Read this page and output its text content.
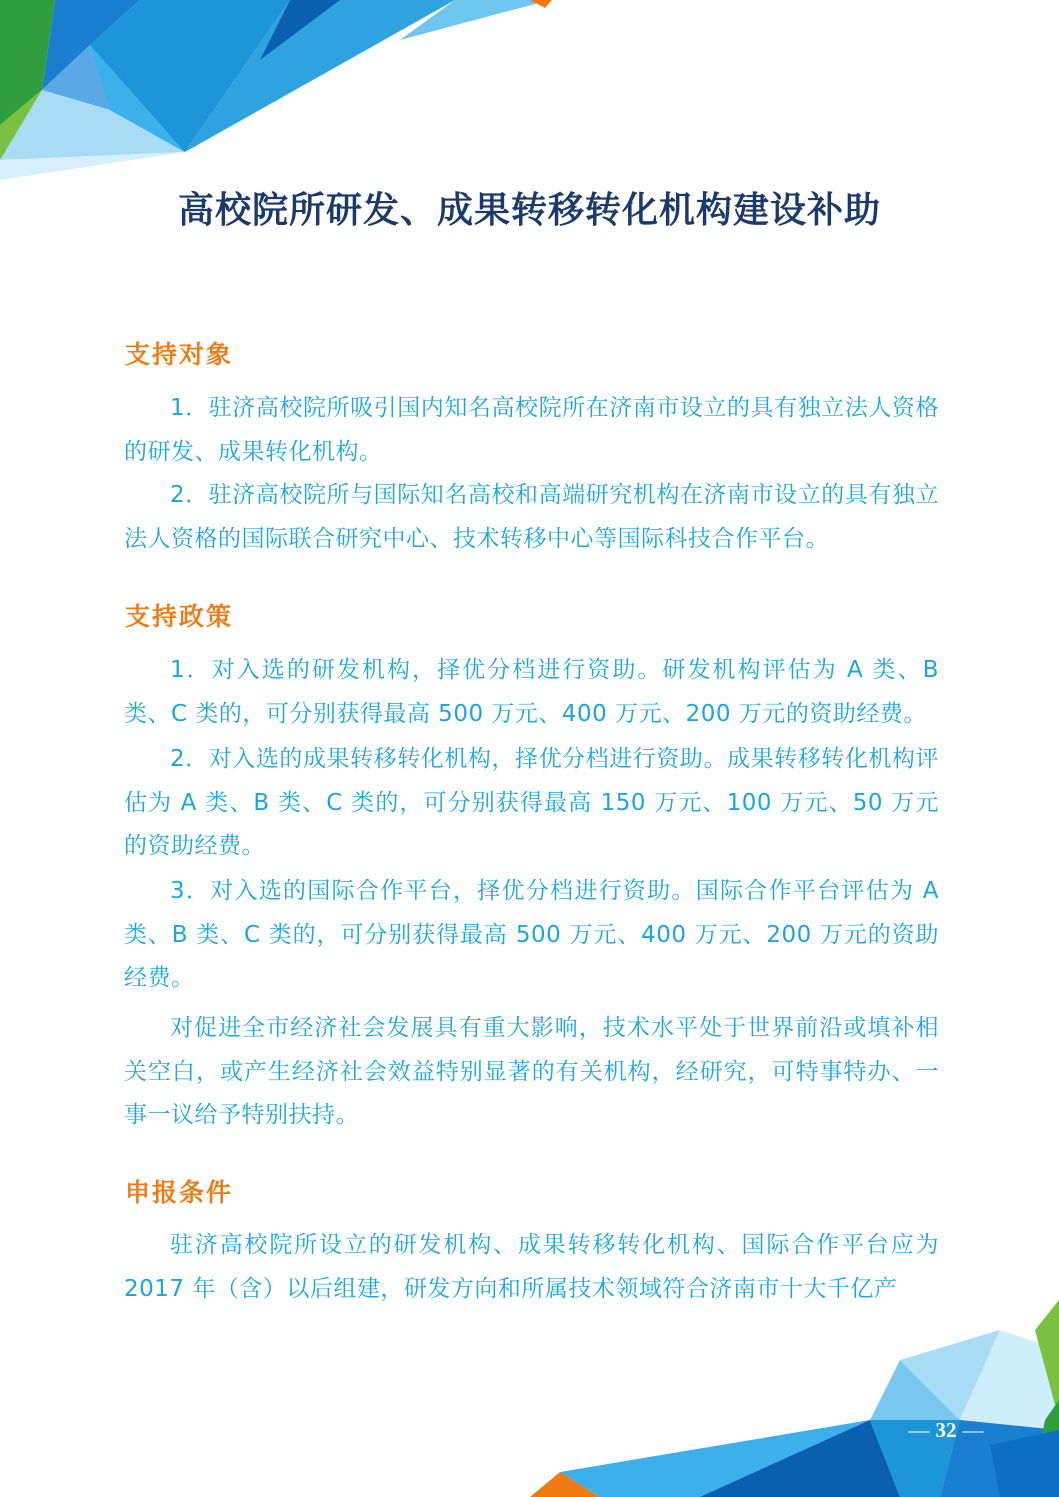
高校院所研发、成果转移转化机构建设补助
支持对象

1．驻济高校院所吸引国内知名高校院所在济南市设立的具有独立法人资格的研发、成果转化机构。

2．驻济高校院所与国际知名高校和高端研究机构在济南市设立的具有独立法人资格的国际联合研究中心、技术转移中心等国际科技合作平台。

支持政策

1．对入选的研发机构，择优分档进行资助。研发机构评估为 A 类、B 类、C 类的，可分别获得最高 500 万元、400 万元、200 万元的资助经费。

2．对入选的成果转移转化机构，择优分档进行资助。成果转移转化机构评估为 A 类、B 类、C 类的，可分别获得最高 150 万元、100 万元、50 万元的资助经费。

3．对入选的国际合作平台，择优分档进行资助。国际合作平台评估为 A 类、B 类、C 类的，可分别获得最高 500 万元、400 万元、200 万元的资助经费。

对促进全市经济社会发展具有重大影响，技术水平处于世界前沿或填补相关空白，或产生经济社会效益特别显著的有关机构，经研究，可特事特办、一事一议给予特别扶持。

申报条件

驻济高校院所设立的研发机构、成果转移转化机构、国际合作平台应为 2017 年（含）以后组建，研发方向和所属技术领域符合济南市十大千亿产

— 32 —
